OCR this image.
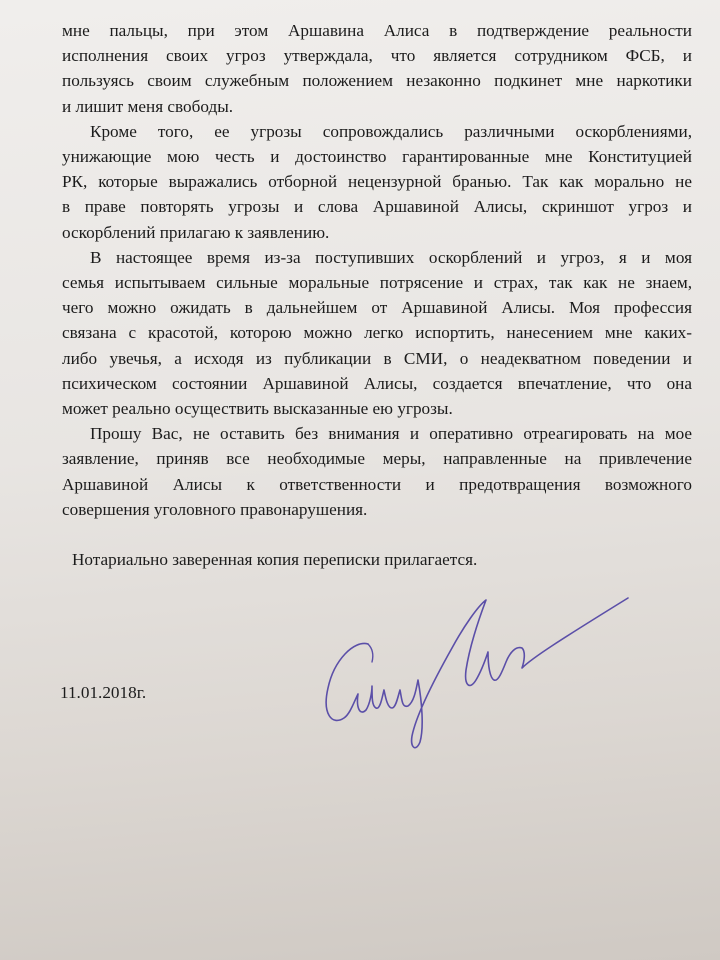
мне пальцы, при этом Аршавина Алиса в подтверждение реальности
исполнения своих угроз утверждала, что является сотрудником ФСБ, и
пользуясь своим служебным положением незаконно подкинет мне наркотики
и лишит меня свободы.

Кроме того, ее угрозы сопровождались различными оскорблениями,
унижающие мою честь и достоинство гарантированные мне Конституцией
РК, которые выражались отборной нецензурной бранью. Так как морально не
в праве повторять угрозы и слова Аршавиной Алисы, скриншот угроз и
оскорблений прилагаю к заявлению.

В настоящее время из-за поступивших оскорблений и угроз, я и моя
семья испытываем сильные моральные потрясение и страх, так как не знаем,
чего можно ожидать в дальнейшем от Аршавиной Алисы. Моя профессия
связана с красотой, которою можно легко испортить, нанесением мне каких-
либо увечья, а исходя из публикации в СМИ, о неадекватном поведении и
психическом состоянии Аршавиной Алисы, создается впечатление, что она
может реально осуществить высказанные ею угрозы.

Прошу Вас, не оставить без внимания и оперативно отреагировать на мое
заявление, приняв все необходимые меры, направленные на привлечение
Аршавиной Алисы к ответственности и предотвращения возможного
совершения уголовного правонарушения.

Нотариально заверенная копия переписки прилагается.
11.01.2018г.
